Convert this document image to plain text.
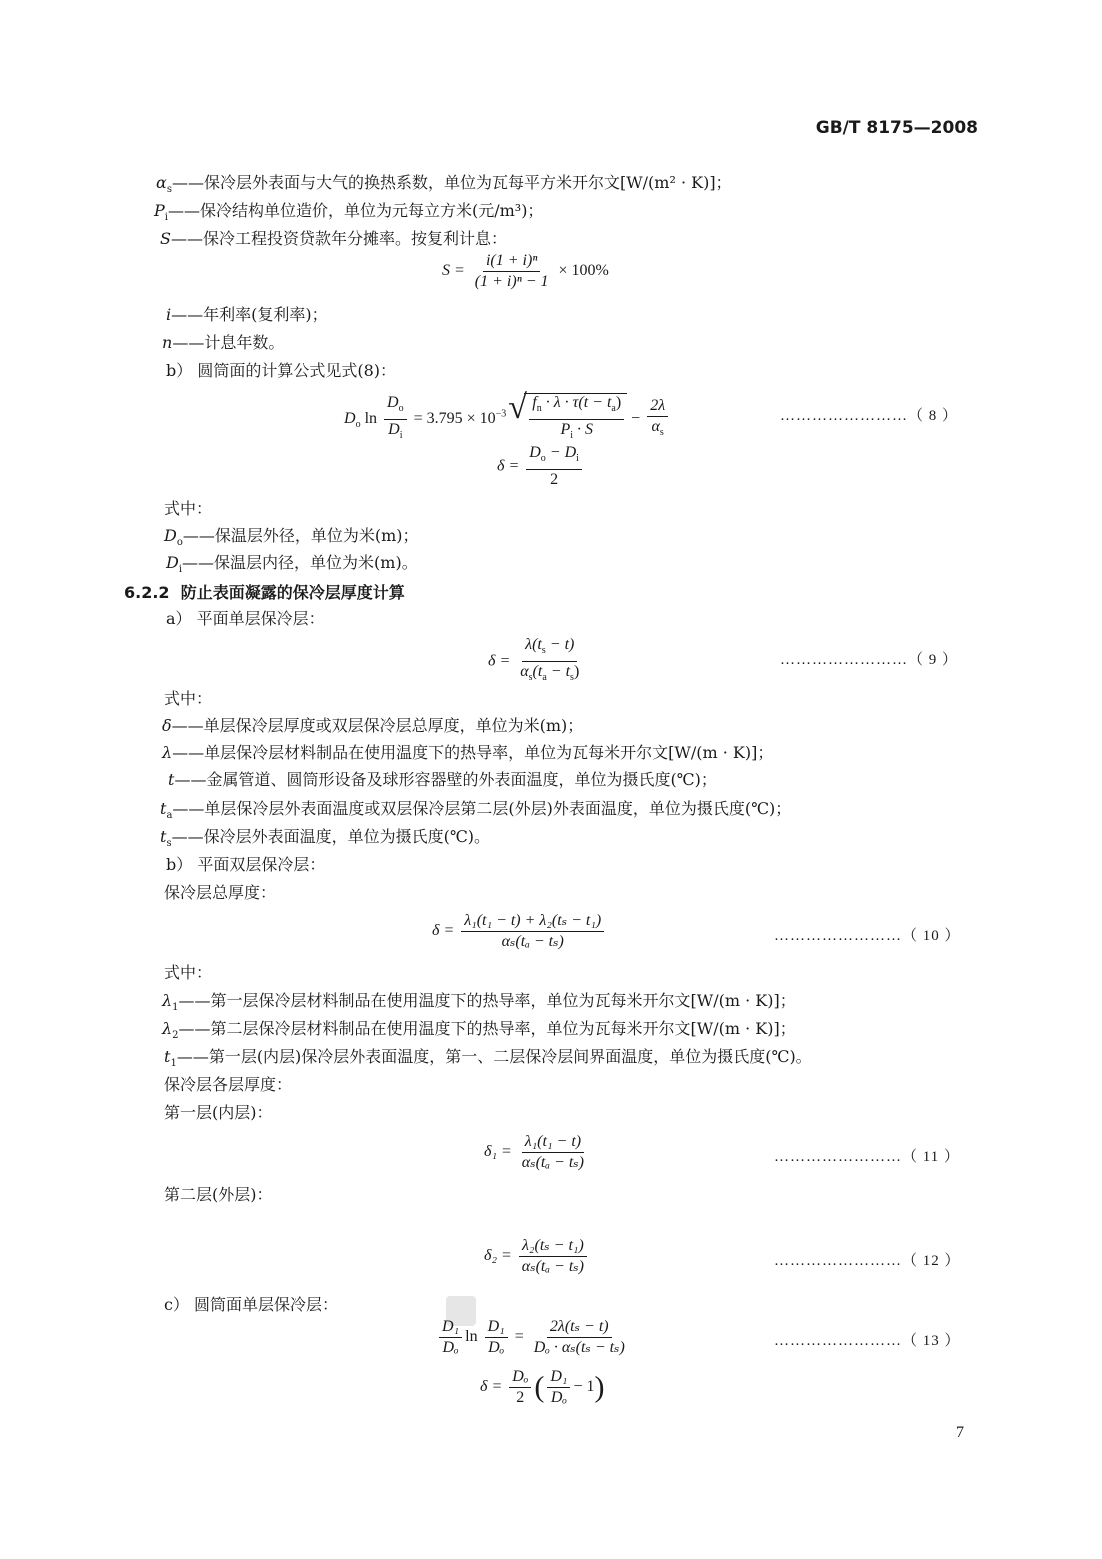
GB/T 8175—2008
$\alpha_s——$保冷层外表面与大气的换热系数，单位为瓦每平方米开尔文[W/(m² · K)]；
$P_i——$保冷结构单位造价，单位为元每立方米(元/m³)；
S——保冷工程投资贷款年分摊率。按复利计息：
$S = \frac{\text{i(1 + i)ⁿ}}{\text{(1 + i)ⁿ − 1}} \times 100\%$
i——年利率(复利率)；
n——计息年数。
b） 圆筒面的计算公式见式(8)：
$D_o$ $\ln \frac{D_o}{D_i} = 3.795 \times 10^{-3}$
√ $\frac{f_n \cdot \lambda \cdot \tau(t - t_a)}{P_i \cdot S} - \frac{2\lambda}{\alpha_s}$	……………………（ 8 ）
$\delta = \frac{D_o - D_i}{2}$
式中：
$D_o——$保温层外径，单位为米(m)；
$D_i——$保温层内径，单位为米(m)。
6.2.2 防止表面凝露的保冷层厚度计算
a） 平面单层保冷层：
$\delta = \frac{\lambda(t_s - t)}{\alpha_s(t_a - t_s)}$	……………………（ 9 ）
式中：
δ——单层保冷层厚度或双层保冷层总厚度，单位为米(m)；
λ——单层保冷层材料制品在使用温度下的热导率，单位为瓦每米开尔文[W/(m · K)]；
t——金属管道、圆筒形设备及球形容器壁的外表面温度，单位为摄氏度(℃)；
$t_a——$单层保冷层外表面温度或双层保冷层第二层(外层)外表面温度，单位为摄氏度(℃)；
$t_s——$保冷层外表面温度，单位为摄氏度(℃)。
b） 平面双层保冷层：
保冷层总厚度：
$\delta = \frac{\text{λ₁(t₁ − t) + λ₂(tₛ − t₁)}}{\text{αₛ(tₐ − tₛ)}}$	……………………（ 10 ）
式中：
$\lambda_1——$第一层保冷层材料制品在使用温度下的热导率，单位为瓦每米开尔文[W/(m · K)]；
$\lambda_2——$第二层保冷层材料制品在使用温度下的热导率，单位为瓦每米开尔文[W/(m · K)]；
$t_1——$第一层(内层)保冷层外表面温度，第一、二层保冷层间界面温度，单位为摄氏度(℃)。
保冷层各层厚度：
第一层(内层)：
$\delta_1 = \frac{\text{λ₁(t₁ − t)}}{\text{αₛ(tₐ − tₛ)}}$	……………………（ 11 ）
第二层(外层)：
$\delta_2 = \frac{\text{λ₂(tₛ − t₁)}}{\text{αₛ(tₐ − tₛ)}}$	……………………（ 12 ）
c） 圆筒面单层保冷层：
$\frac{\text{D₁}}{\text{Dₒ}}$ $\ln \frac{\text{D₁}}{\text{Dₒ}} = \frac{\text{2λ(tₛ − t)}}{\text{Dₒ · αₛ(tₛ − tₛ)}}$	……………………（ 13 ）
$\delta = \frac{\text{Dₒ}}{2}$ ( $\frac{\text{D₁}}{\text{Dₒ}} - 1$)
7
